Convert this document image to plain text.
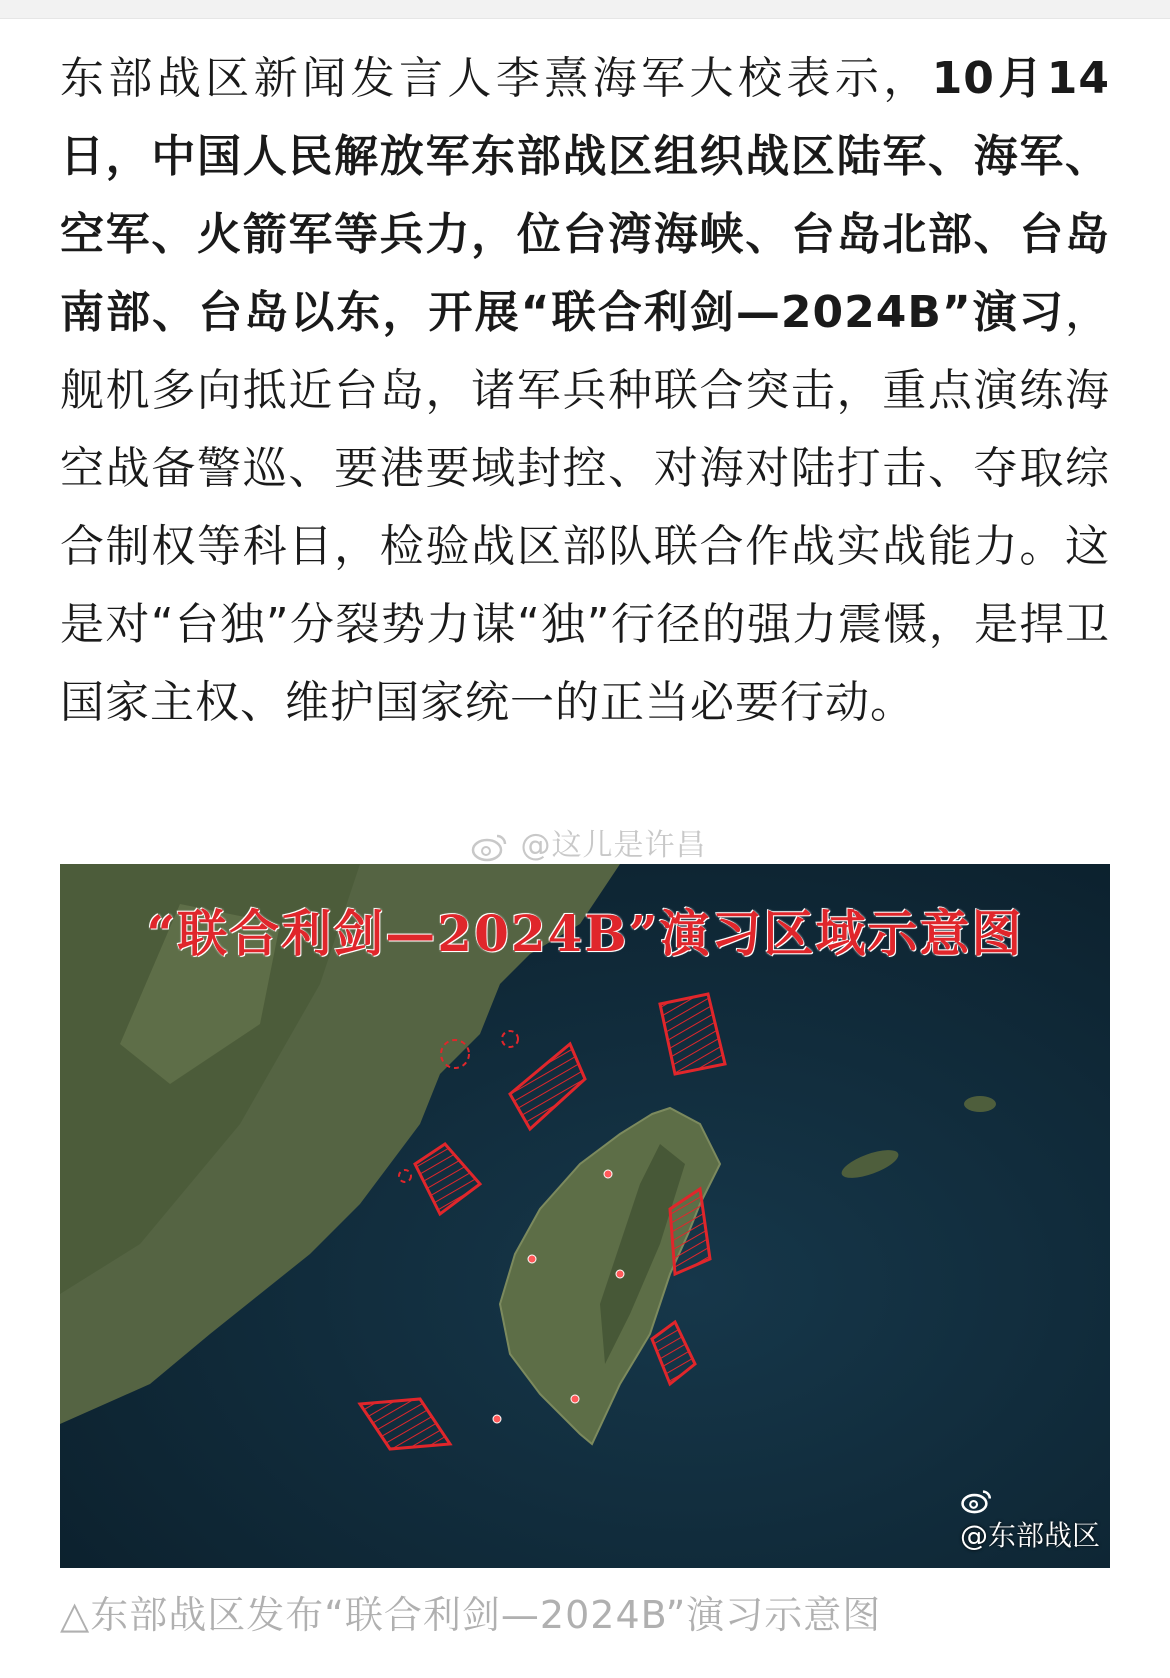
东部战区新闻发言人李熹海军大校表示，10月14日，中国人民解放军东部战区组织战区陆军、海军、空军、火箭军等兵力，位台湾海峡、台岛北部、台岛南部、台岛以东，开展“联合利剑—2024B”演习，舰机多向抵近台岛，诸军兵种联合突击，重点演练海空战备警巡、要港要域封控、对海对陆打击、夺取综合制权等科目，检验战区部队联合作战实战能力。这是对“台独”分裂势力谋“独”行径的强力震慑，是捍卫国家主权、维护国家统一的正当必要行动。

@这儿是许昌
“联合利剑—2024B”演习区域示意图
@东部战区
△东部战区发布“联合利剑—2024B”演习示意图
